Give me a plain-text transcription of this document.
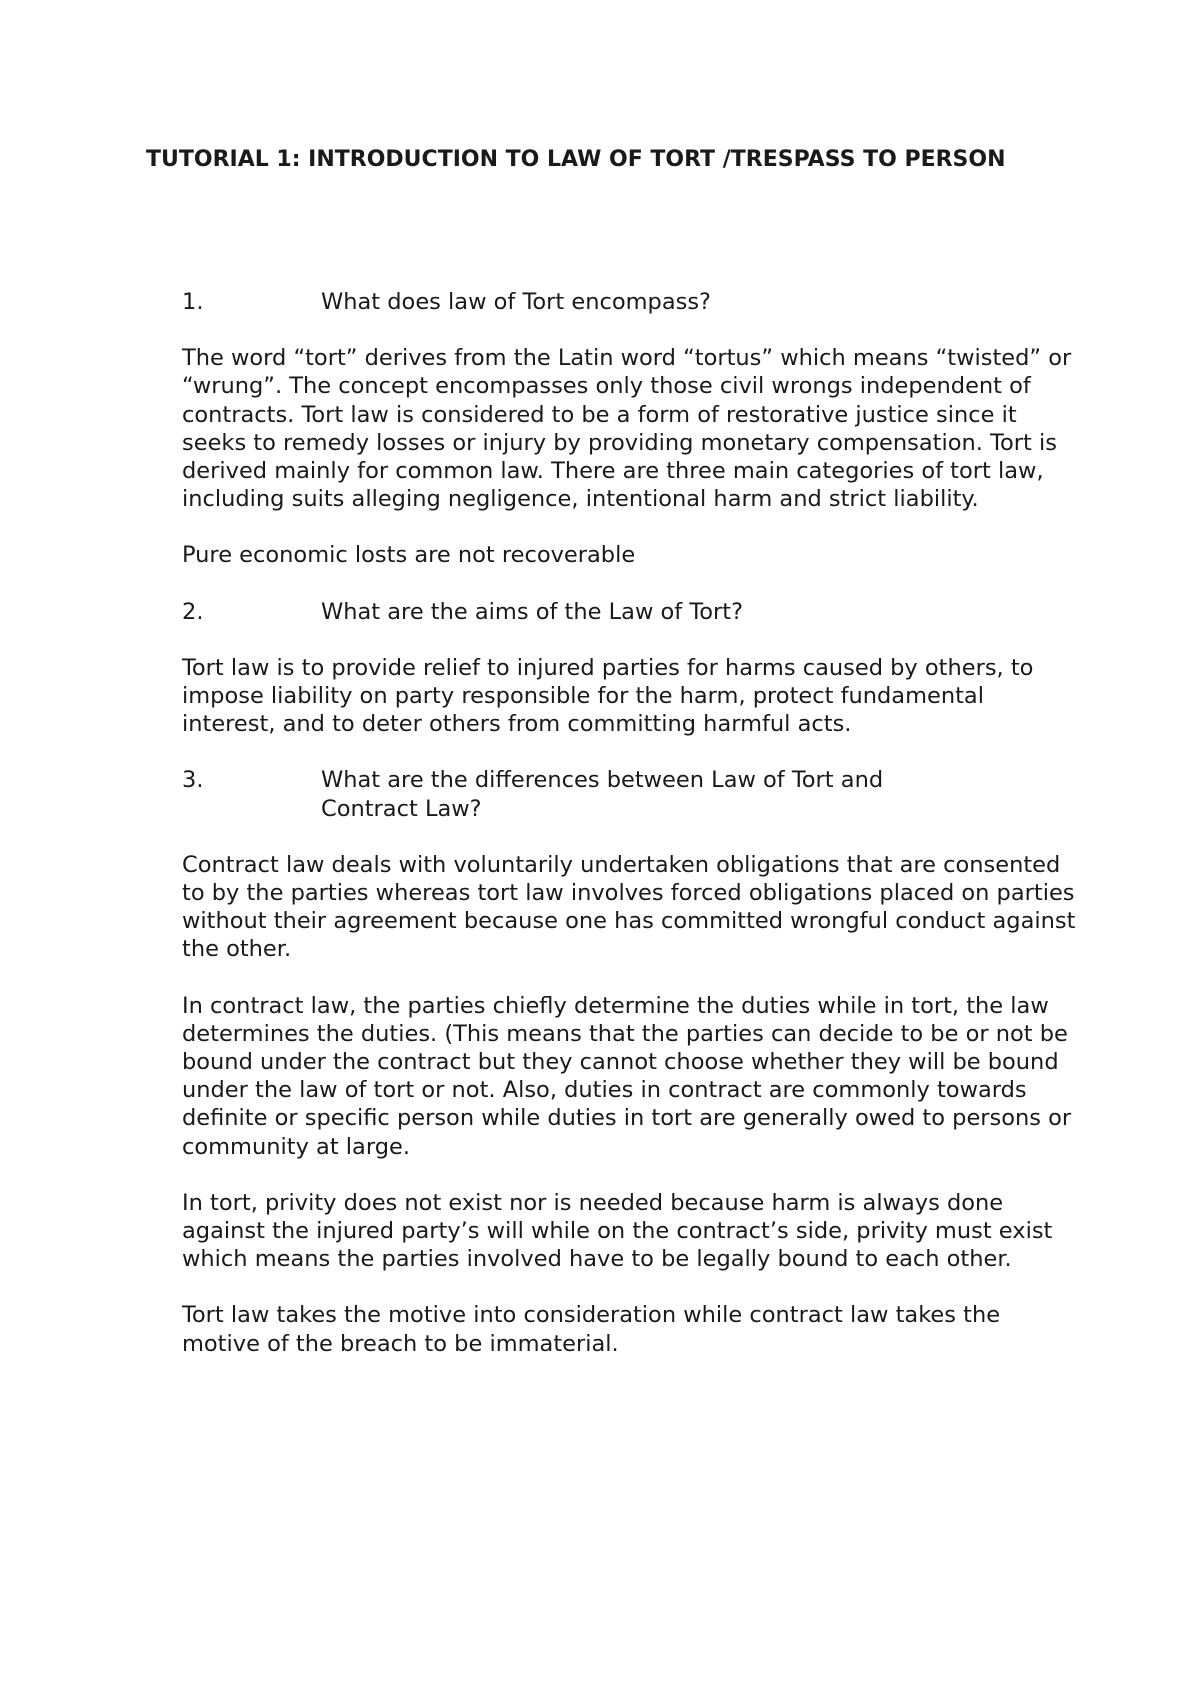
TUTORIAL 1: INTRODUCTION TO LAW OF TORT /TRESPASS TO PERSON
1.	What does law of Tort encompass?

The word “tort” derives from the Latin word “tortus” which means “twisted” or “wrung”. The concept encompasses only those civil wrongs independent of contracts. Tort law is considered to be a form of restorative justice since it seeks to remedy losses or injury by providing monetary compensation. Tort is derived mainly for common law. There are three main categories of tort law, including suits alleging negligence, intentional harm and strict liability.

Pure economic losts are not recoverable

2.	What are the aims of the Law of Tort?

Tort law is to provide relief to injured parties for harms caused by others, to impose liability on party responsible for the harm, protect fundamental interest, and to deter others from committing harmful acts.

3.	What are the differences between Law of Tort and Contract Law?

Contract law deals with voluntarily undertaken obligations that are consented to by the parties whereas tort law involves forced obligations placed on parties without their agreement because one has committed wrongful conduct against the other.

In contract law, the parties chiefly determine the duties while in tort, the law determines the duties. (This means that the parties can decide to be or not be bound under the contract but they cannot choose whether they will be bound under the law of tort or not. Also, duties in contract are commonly towards definite or specific person while duties in tort are generally owed to persons or community at large.

In tort, privity does not exist nor is needed because harm is always done against the injured party’s will while on the contract’s side, privity must exist which means the parties involved have to be legally bound to each other.

Tort law takes the motive into consideration while contract law takes the motive of the breach to be immaterial.
